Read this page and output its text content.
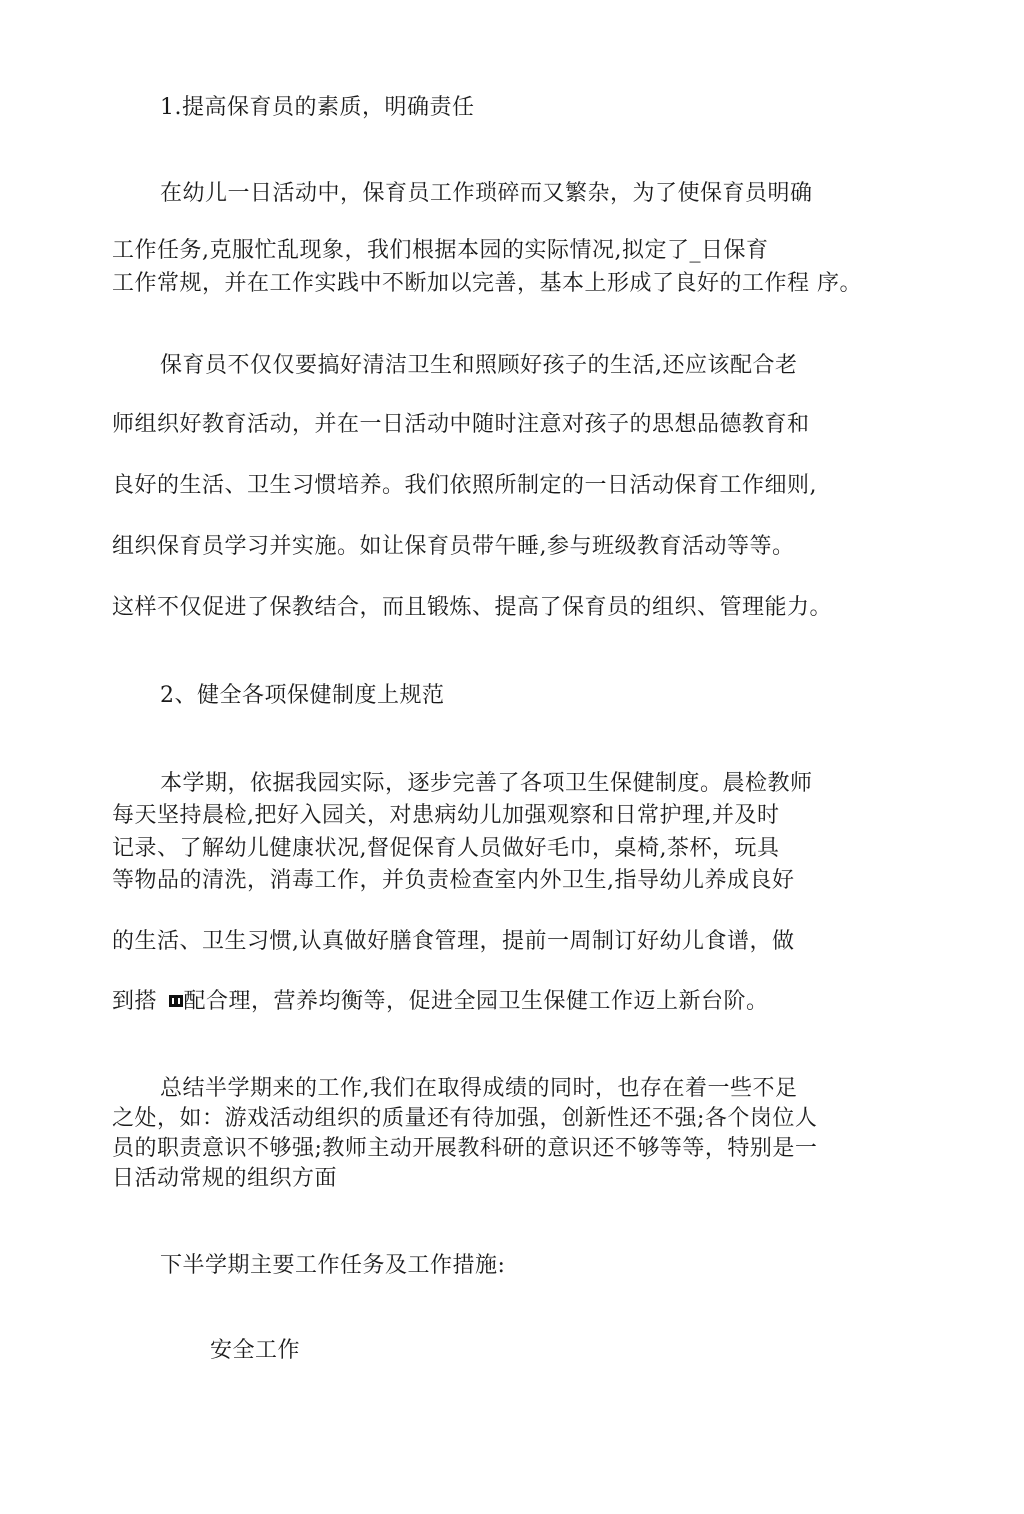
1.提高保育员的素质，明确责任
在幼儿一日活动中，保育员工作琐碎而又繁杂，为了使保育员明确
工作任务,克服忙乱现象，我们根据本园的实际情况,拟定了_日保育
工作常规，并在工作实践中不断加以完善，基本上形成了良好的工作程 序。
保育员不仅仅要搞好清洁卫生和照顾好孩子的生活,还应该配合老
师组织好教育活动，并在一日活动中随时注意对孩子的思想品德教育和
良好的生活、卫生习惯培养。我们依照所制定的一日活动保育工作细则,
组织保育员学习并实施。如让保育员带午睡,参与班级教育活动等等。
这样不仅促进了保教结合，而且锻炼、提高了保育员的组织、管理能力。
2、健全各项保健制度上规范
本学期，依据我园实际，逐步完善了各项卫生保健制度。晨检教师
每天坚持晨检,把好入园关，对患病幼儿加强观察和日常护理,并及时
记录、了解幼儿健康状况,督促保育人员做好毛巾，桌椅,茶杯，玩具
等物品的清洗，消毒工作，并负责检查室内外卫生,指导幼儿养成良好
的生活、卫生习惯,认真做好膳食管理，提前一周制订好幼儿食谱，做
到搭 配合理，营养均衡等，促进全园卫生保健工作迈上新台阶。
总结半学期来的工作,我们在取得成绩的同时，也存在着一些不足
之处，如：游戏活动组织的质量还有待加强，创新性还不强;各个岗位人
员的职责意识不够强;教师主动开展教科研的意识还不够等等，特别是一
日活动常规的组织方面
下半学期主要工作任务及工作措施:
安全工作
